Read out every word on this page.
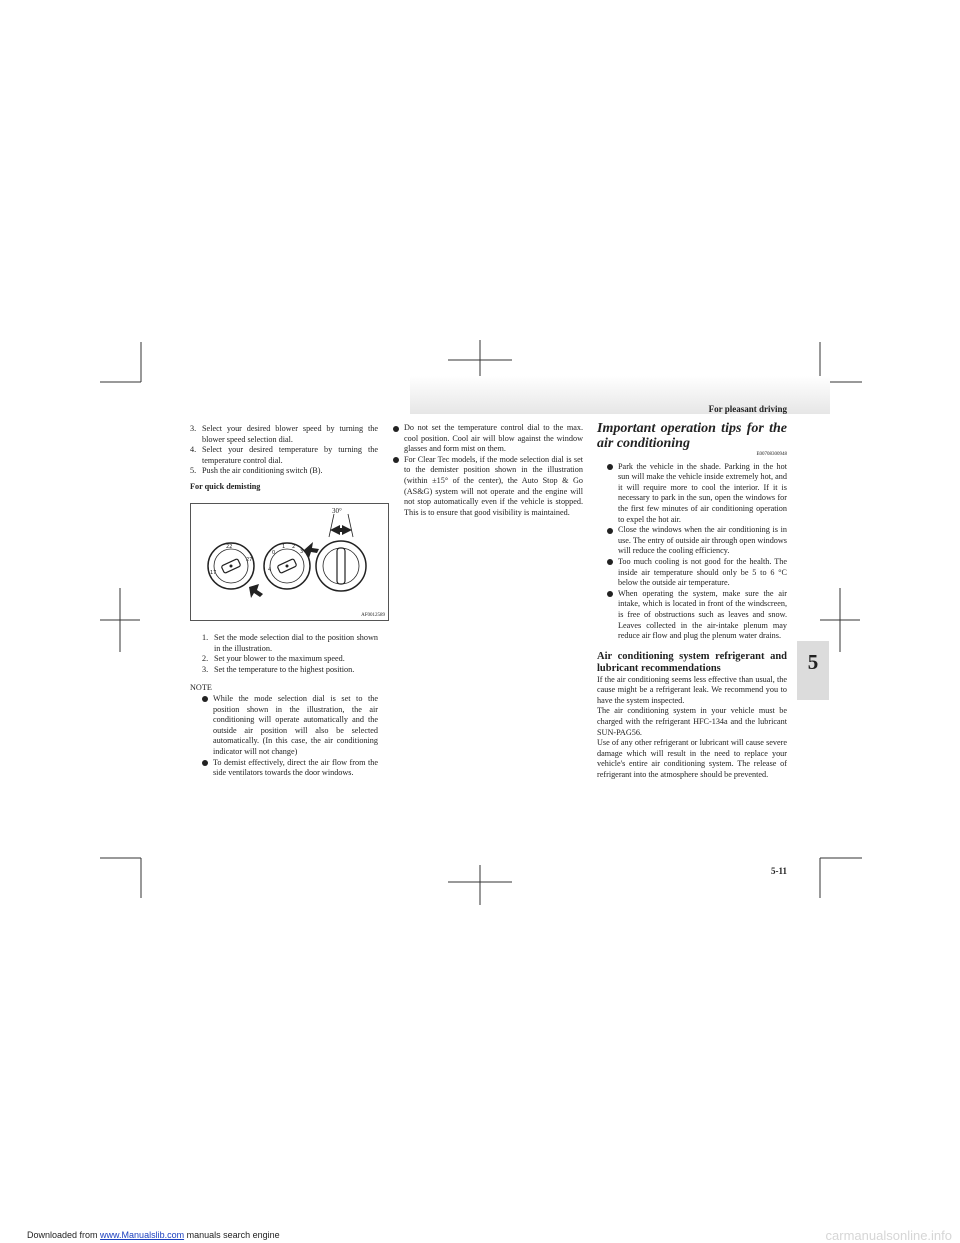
For pleasant driving
5
5-11
3. Select your desired blower speed by turning the blower speed selection dial.
4. Select your desired temperature by turning the temperature control dial.
5. Push the air conditioning switch (B).
For quick demisting
22
27
17
0
1 2
3
4
30°
AF0012589
1. Set the mode selection dial to the position shown in the illustration.
2. Set your blower to the maximum speed.
3. Set the temperature to the highest position.
NOTE
While the mode selection dial is set to the position shown in the illustration, the air conditioning will operate automatically and the outside air position will also be selected automatically. (In this case, the air conditioning indicator will not change)
To demist effectively, direct the air flow from the side ventilators towards the door windows.
Do not set the temperature control dial to the max. cool position. Cool air will blow against the window glasses and form mist on them.
For Clear Tec models, if the mode selection dial is set to the demister position shown in the illustration (within ±15° of the center), the Auto Stop & Go (AS&G) system will not operate and the engine will not stop automatically even if the vehicle is stopped. This is to ensure that good visibility is maintained.
Important operation tips for the air conditioning
E00708300948
Park the vehicle in the shade. Parking in the hot sun will make the vehicle inside extremely hot, and it will require more to cool the interior. If it is necessary to park in the sun, open the windows for the first few minutes of air conditioning operation to expel the hot air.
Close the windows when the air conditioning is in use. The entry of outside air through open windows will reduce the cooling efficiency.
Too much cooling is not good for the health. The inside air temperature should only be 5 to 6 °C below the outside air temperature.
When operating the system, make sure the air intake, which is located in front of the windscreen, is free of obstructions such as leaves and snow. Leaves collected in the air-intake plenum may reduce air flow and plug the plenum water drains.
Air conditioning system refrigerant and lubricant recommendations
If the air conditioning seems less effective than usual, the cause might be a refrigerant leak. We recommend you to have the system inspected.
The air conditioning system in your vehicle must be charged with the refrigerant HFC-134a and the lubricant SUN-PAG56.
Use of any other refrigerant or lubricant will cause severe damage which will result in the need to replace your vehicle's entire air conditioning system. The release of refrigerant into the atmosphere should be prevented.
Downloaded from www.Manualslib.com manuals search engine	carmanualsonline.info
